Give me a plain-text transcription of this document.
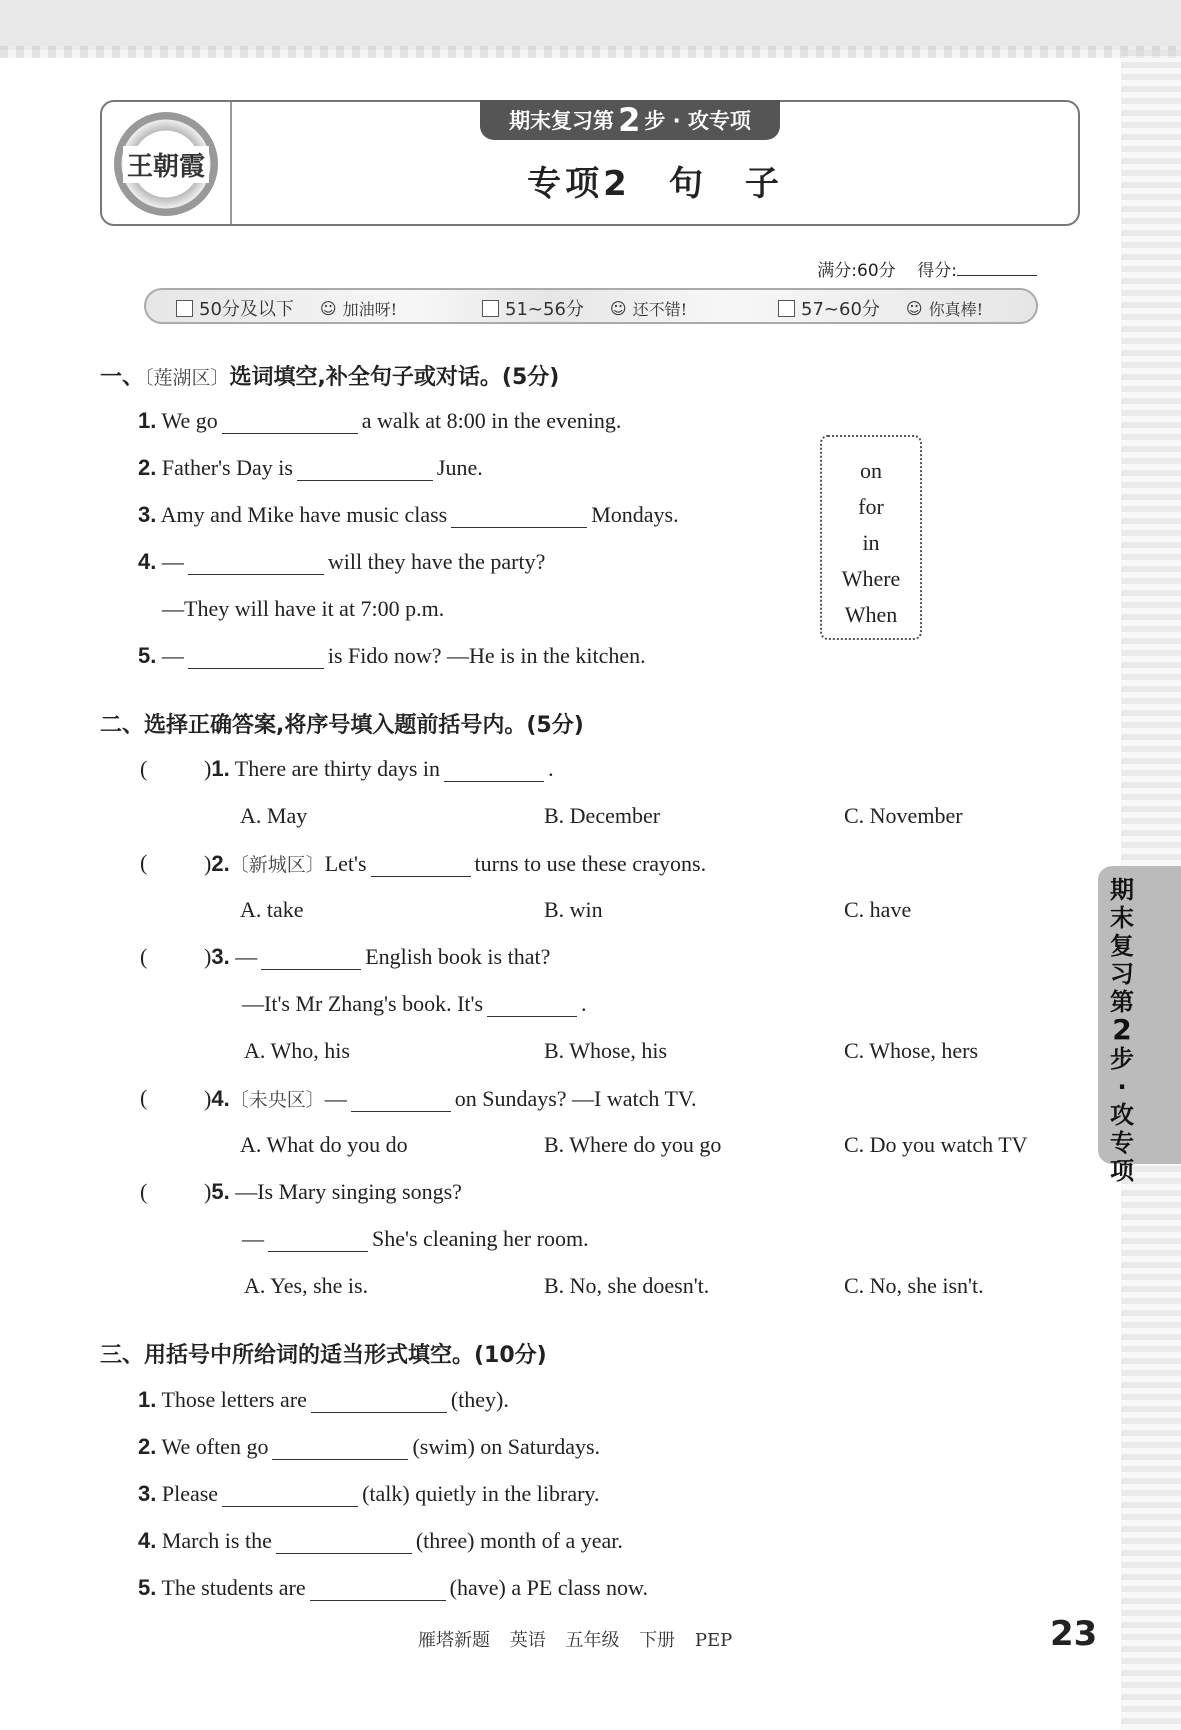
王朝霞
期末复习第 2 步 · 攻专项
专项2　句　子
满分:60分 得分:
50分及以下 ☺ 加油呀!	51~56分 ☺ 还不错!	57~60分 ☺ 你真棒!
一、〔莲湖区〕选词填空,补全句子或对话。(5分)
1. We go	a walk at 8:00 in the evening.
2. Father's Day is	June.
3. Amy and Mike have music class	Mondays.
4. —	will they have the party?
—They will have it at 7:00 p.m.
5. —	is Fido now? —He is in the kitchen.
on
for
in
Where
When
二、选择正确答案,将序号填入题前括号内。(5分)
(	)1. There are thirty days in	.
A. May	B. December	C. November
(	)2.〔新城区〕Let's	turns to use these crayons.
A. take	B. win	C. have
(	)3. —	English book is that?
—It's Mr Zhang's book. It's	.
A. Who, his	B. Whose, his	C. Whose, hers
(	)4.〔未央区〕—	on Sundays? —I watch TV.
A. What do you do	B. Where do you go	C. Do you watch TV
(	)5. —Is Mary singing songs?
—	She's cleaning her room.
A. Yes, she is.	B. No, she doesn't.	C. No, she isn't.
三、用括号中所给词的适当形式填空。(10分)
1. Those letters are	(they).
2. We often go	(swim) on Saturdays.
3. Please	(talk) quietly in the library.
4. March is the	(three) month of a year.
5. The students are	(have) a PE class now.
期末复习第2步·攻专项
雁塔新题 英语 五年级 下册 PEP	23
